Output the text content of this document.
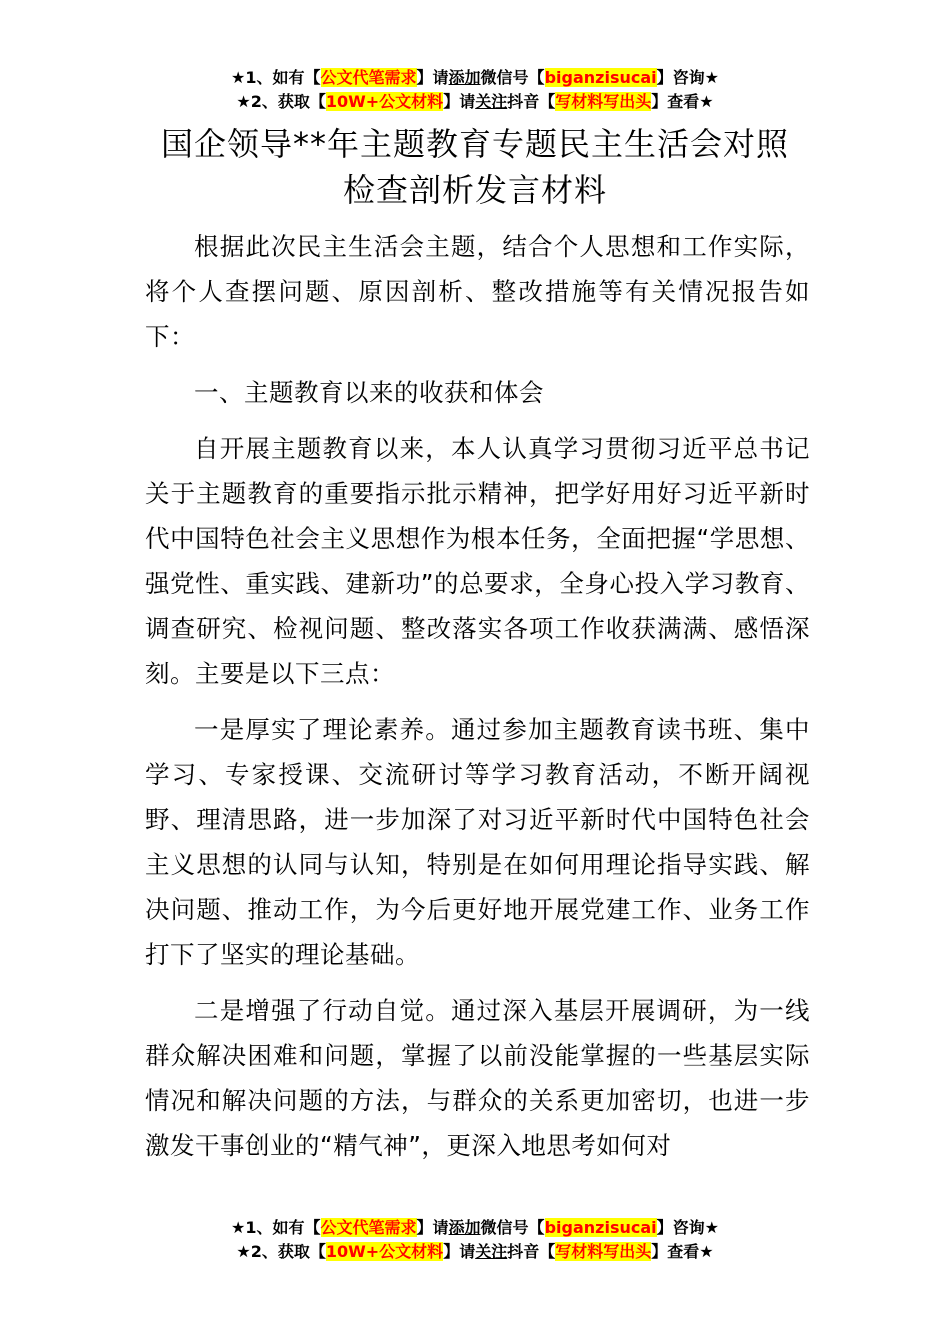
★1、如有【公文代笔需求】请添加微信号【biganzisucai】咨询★
★2、获取【10W+公文材料】请关注抖音【写材料写出头】查看★
国企领导**年主题教育专题民主生活会对照
检查剖析发言材料

根据此次民主生活会主题，结合个人思想和工作实际，将个人查摆问题、原因剖析、整改措施等有关情况报告如下：

一、主题教育以来的收获和体会

自开展主题教育以来，本人认真学习贯彻习近平总书记关于主题教育的重要指示批示精神，把学好用好习近平新时代中国特色社会主义思想作为根本任务，全面把握“学思想、强党性、重实践、建新功”的总要求，全身心投入学习教育、调查研究、检视问题、整改落实各项工作收获满满、感悟深刻。主要是以下三点：

一是厚实了理论素养。通过参加主题教育读书班、集中学习、专家授课、交流研讨等学习教育活动，不断开阔视野、理清思路，进一步加深了对习近平新时代中国特色社会主义思想的认同与认知，特别是在如何用理论指导实践、解决问题、推动工作，为今后更好地开展党建工作、业务工作打下了坚实的理论基础。

二是增强了行动自觉。通过深入基层开展调研，为一线群众解决困难和问题，掌握了以前没能掌握的一些基层实际情况和解决问题的方法，与群众的关系更加密切，也进一步激发干事创业的“精气神”，更深入地思考如何对

★1、如有【公文代笔需求】请添加微信号【biganzisucai】咨询★
★2、获取【10W+公文材料】请关注抖音【写材料写出头】查看★
